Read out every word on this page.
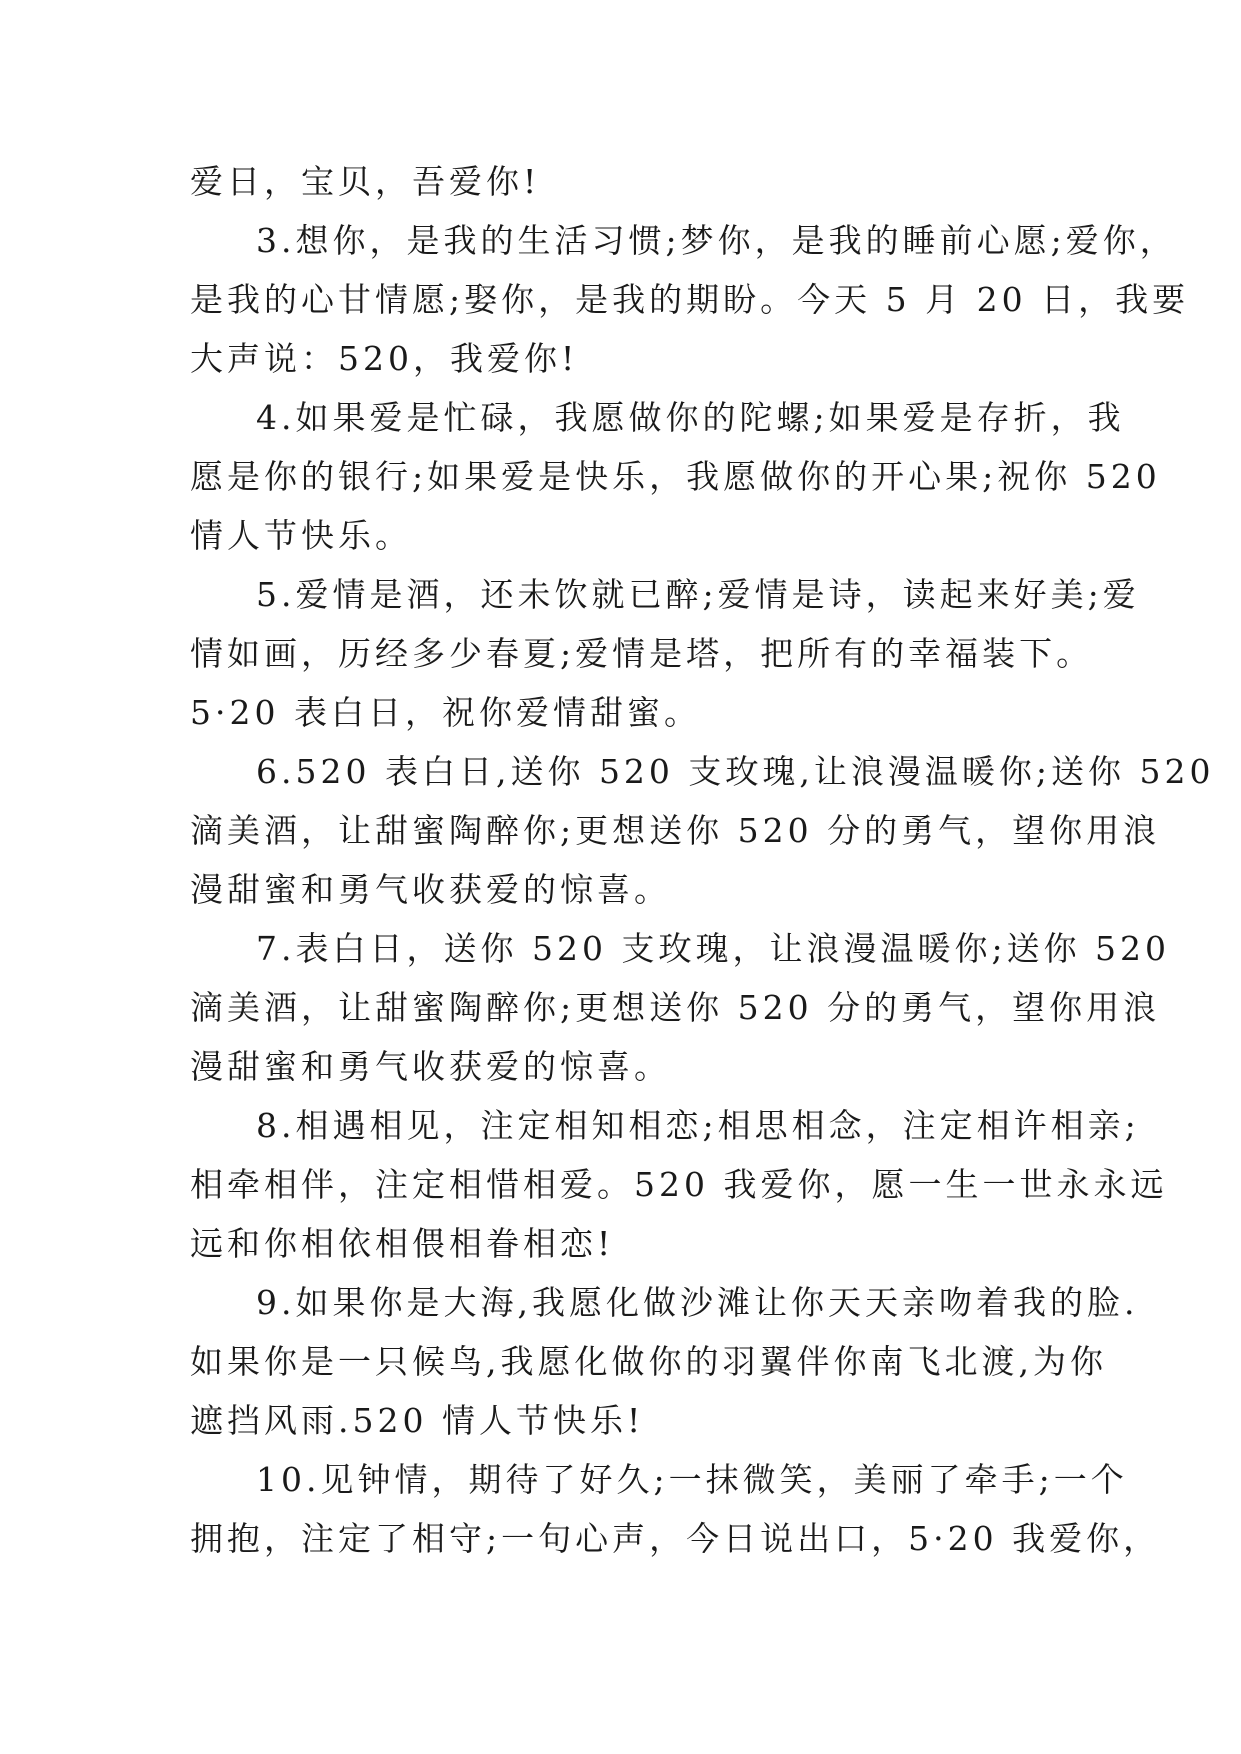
爱日，宝贝，吾爱你!
3.想你，是我的生活习惯;梦你，是我的睡前心愿;爱你，
是我的心甘情愿;娶你，是我的期盼。今天 5 月 20 日，我要
大声说：520，我爱你!
4.如果爱是忙碌，我愿做你的陀螺;如果爱是存折，我
愿是你的银行;如果爱是快乐，我愿做你的开心果;祝你 520
情人节快乐。
5.爱情是酒，还未饮就已醉;爱情是诗，读起来好美;爱
情如画，历经多少春夏;爱情是塔，把所有的幸福装下。
5·20 表白日，祝你爱情甜蜜。
6.520 表白日,送你 520 支玫瑰,让浪漫温暖你;送你 520
滴美酒，让甜蜜陶醉你;更想送你 520 分的勇气，望你用浪
漫甜蜜和勇气收获爱的惊喜。
7.表白日，送你 520 支玫瑰，让浪漫温暖你;送你 520
滴美酒，让甜蜜陶醉你;更想送你 520 分的勇气，望你用浪
漫甜蜜和勇气收获爱的惊喜。
8.相遇相见，注定相知相恋;相思相念，注定相许相亲;
相牵相伴，注定相惜相爱。520 我爱你，愿一生一世永永远
远和你相依相偎相眷相恋!
9.如果你是大海,我愿化做沙滩让你天天亲吻着我的脸.
如果你是一只候鸟,我愿化做你的羽翼伴你南飞北渡,为你
遮挡风雨.520 情人节快乐!
10.见钟情，期待了好久;一抹微笑，美丽了牵手;一个
拥抱，注定了相守;一句心声，今日说出口，5·20 我爱你，
